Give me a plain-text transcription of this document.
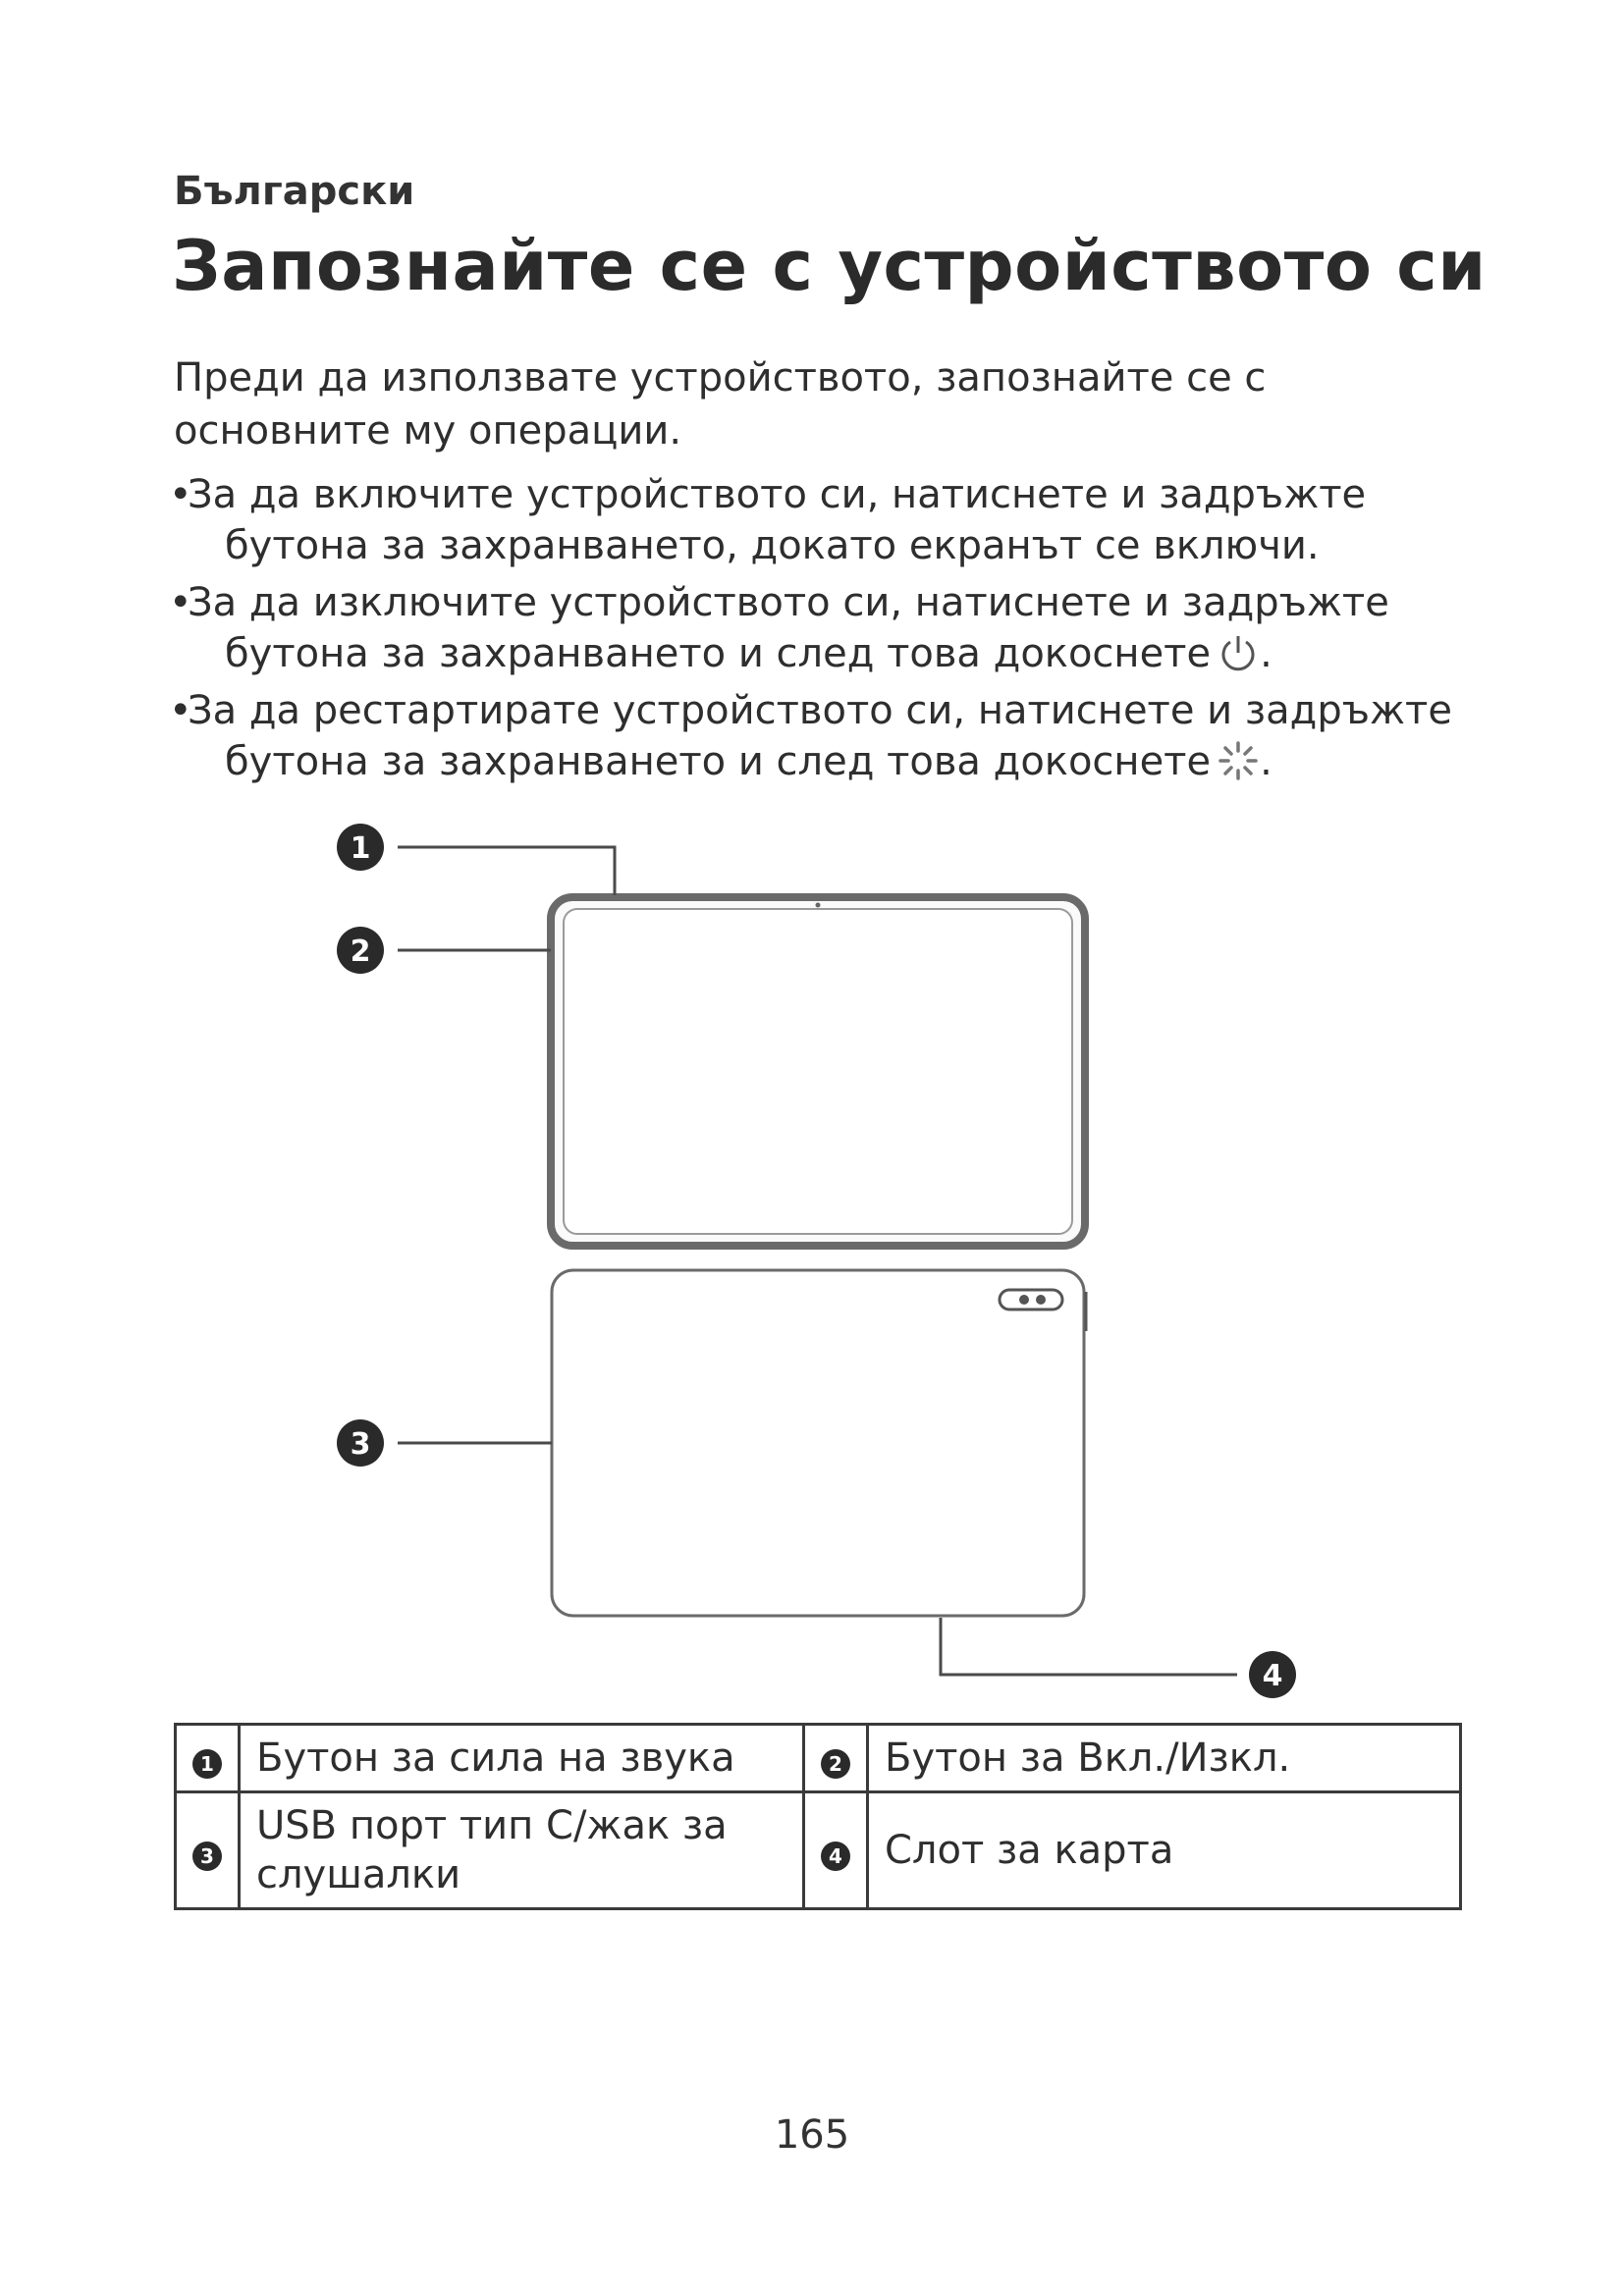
Български
Запознайте се с устройството си
Преди да използвате устройството, запознайте се с основните му операции.
•
За да включите устройството си, натиснете и задръжте
бутона за захранването, докато екранът се включи.
•
За да изключите устройството си, натиснете и задръжте
бутона за захранването и след това докоснете .
•
За да рестартирате устройството си, натиснете и задръжте
бутона за захранването и след това докоснете .
1
2
3
4
1	Бутон за сила на звука	2	Бутон за Вкл./Изкл.
3	USB порт тип C/жак за слушалки	4	Слот за карта
165
